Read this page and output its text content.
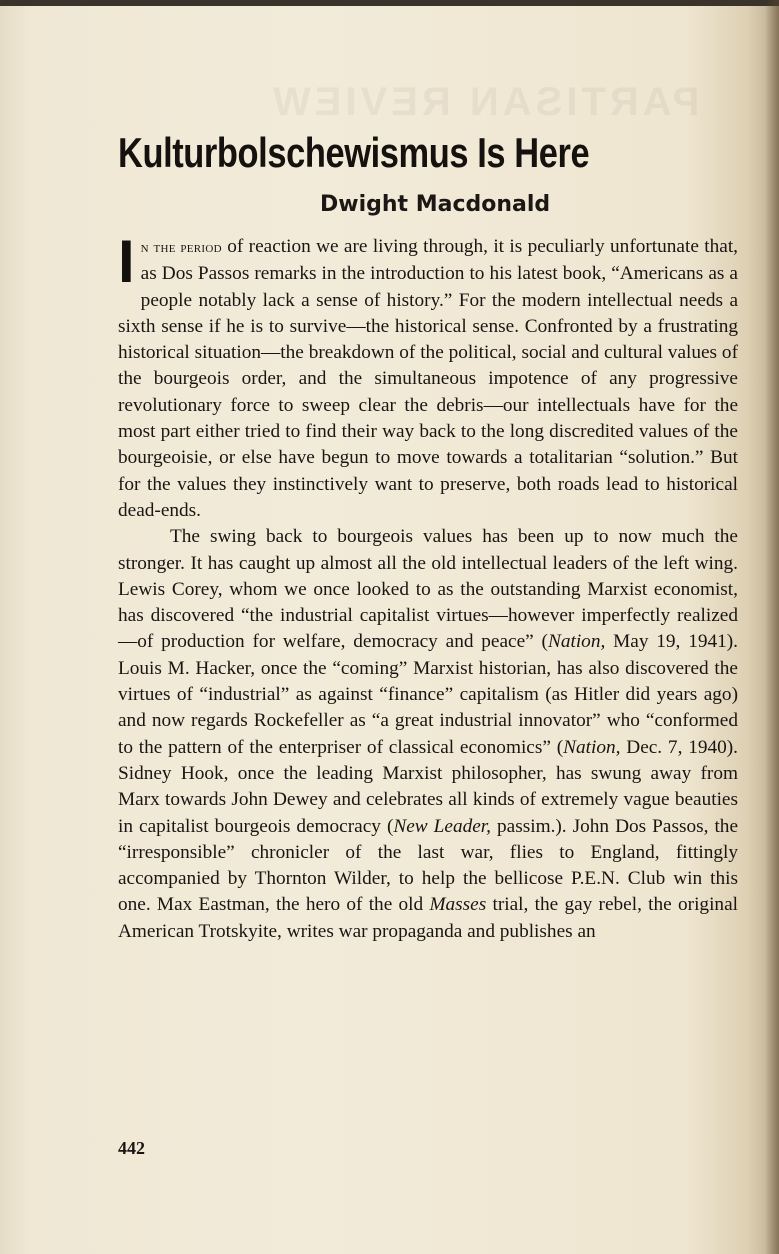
PARTISAN REVIEW
Kulturbolschewismus Is Here
Dwight Macdonald

In the period of reaction we are living through, it is peculiarly unfortunate that, as Dos Passos remarks in the introduction to his latest book, “Americans as a people notably lack a sense of history.” For the modern intellectual needs a sixth sense if he is to survive—the historical sense. Confronted by a frustrating historical situation—the breakdown of the political, social and cultural values of the bourgeois order, and the simultaneous impotence of any progressive revolutionary force to sweep clear the debris—our intellectuals have for the most part either tried to find their way back to the long discredited values of the bourgeoisie, or else have begun to move towards a totalitarian “solution.” But for the values they instinctively want to preserve, both roads lead to historical dead-ends.

The swing back to bourgeois values has been up to now much the stronger. It has caught up almost all the old intellectual leaders of the left wing. Lewis Corey, whom we once looked to as the outstanding Marxist economist, has discovered “the industrial capitalist virtues—however imperfectly realized—of production for welfare, democracy and peace” (Nation, May 19, 1941). Louis M. Hacker, once the “coming” Marxist historian, has also discovered the virtues of “industrial” as against “finance” capitalism (as Hitler did years ago) and now regards Rockefeller as “a great industrial innovator” who “conformed to the pattern of the enterpriser of classical economics” (Nation, Dec. 7, 1940). Sidney Hook, once the leading Marxist philosopher, has swung away from Marx towards John Dewey and celebrates all kinds of extremely vague beauties in capitalist bourgeois democracy (New Leader, passim.). John Dos Passos, the “irresponsible” chronicler of the last war, flies to England, fittingly accompanied by Thornton Wilder, to help the bellicose P.E.N. Club win this one. Max Eastman, the hero of the old Masses trial, the gay rebel, the original American Trotskyite, writes war propaganda and publishes an

442
